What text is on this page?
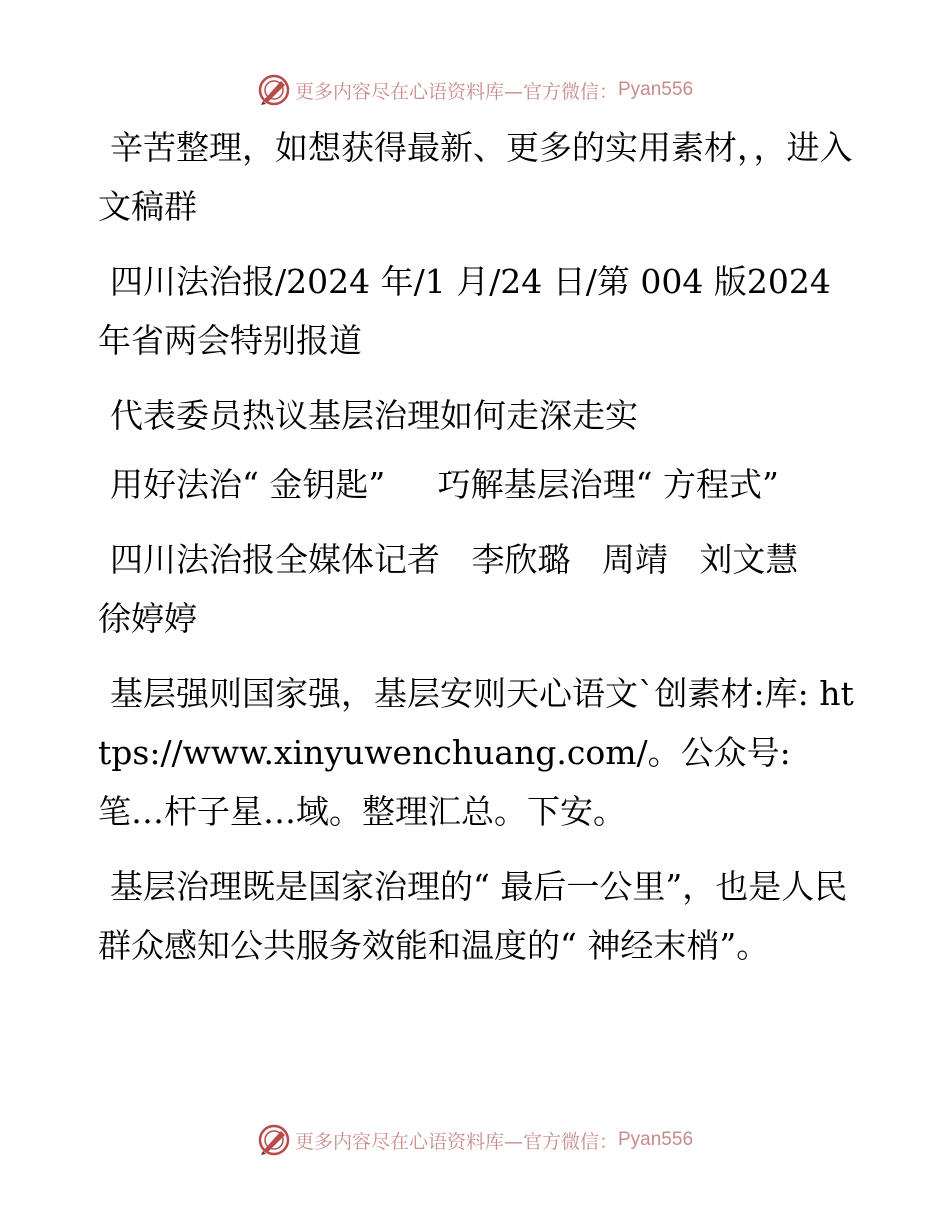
更多内容尽在心语资料库—官方微信： Pyan556

辛苦整理，如想获得最新、更多的实用素材，，进入文稿群

四川法治报/2024 年/1 月/24 日/第 004 版2024年省两会特别报道

代表委员热议基层治理如何走深走实

用好法治“ 金钥匙”     巧解基层治理“ 方程式”

四川法治报全媒体记者   李欣璐   周靖   刘文慧   徐婷婷

基层强则国家强，基层安则天心语文`创素材:库: https://www.xinyuwenchuang.com/。公众号: 笔…杆子星…域。整理汇总。下安。

基层治理既是国家治理的“ 最后一公里”，也是人民群众感知公共服务效能和温度的“ 神经末梢”。

更多内容尽在心语资料库—官方微信： Pyan556
